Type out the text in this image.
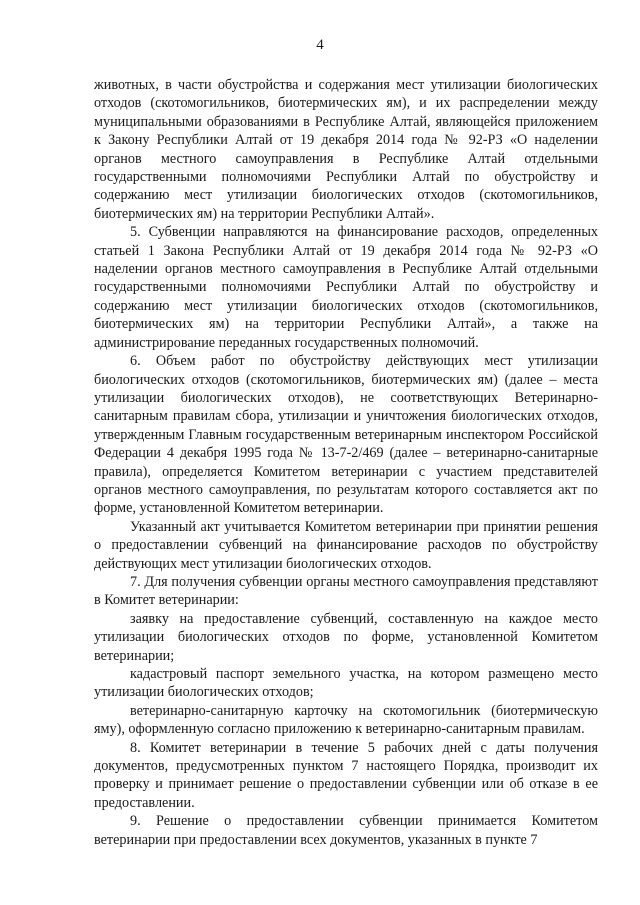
4

животных, в части обустройства и содержания мест утилизации биологических отходов (скотомогильников, биотермических ям), и их распределении между муниципальными образованиями в Республике Алтай, являющейся приложением к Закону Республики Алтай от 19 декабря 2014 года № 92-РЗ «О наделении органов местного самоуправления в Республике Алтай отдельными государственными полномочиями Республики Алтай по обустройству и содержанию мест утилизации биологических отходов (скотомогильников, биотермических ям) на территории Республики Алтай».

5. Субвенции направляются на финансирование расходов, определенных статьей 1 Закона Республики Алтай от 19 декабря 2014 года № 92-РЗ «О наделении органов местного самоуправления в Республике Алтай отдельными государственными полномочиями Республики Алтай по обустройству и содержанию мест утилизации биологических отходов (скотомогильников, биотермических ям) на территории Республики Алтай», а также на администрирование переданных государственных полномочий.

6. Объем работ по обустройству действующих мест утилизации биологических отходов (скотомогильников, биотермических ям) (далее – места утилизации биологических отходов), не соответствующих Ветеринарно-санитарным правилам сбора, утилизации и уничтожения биологических отходов, утвержденным Главным государственным ветеринарным инспектором Российской Федерации 4 декабря 1995 года № 13-7-2/469 (далее – ветеринарно-санитарные правила), определяется Комитетом ветеринарии с участием представителей органов местного самоуправления, по результатам которого составляется акт по форме, установленной Комитетом ветеринарии.

Указанный акт учитывается Комитетом ветеринарии при принятии решения о предоставлении субвенций на финансирование расходов по обустройству действующих мест утилизации биологических отходов.

7. Для получения субвенции органы местного самоуправления представляют в Комитет ветеринарии:

заявку на предоставление субвенций, составленную на каждое место утилизации биологических отходов по форме, установленной Комитетом ветеринарии;

кадастровый паспорт земельного участка, на котором размещено место утилизации биологических отходов;

ветеринарно-санитарную карточку на скотомогильник (биотермическую яму), оформленную согласно приложению к ветеринарно-санитарным правилам.

8. Комитет ветеринарии в течение 5 рабочих дней с даты получения документов, предусмотренных пунктом 7 настоящего Порядка, производит их проверку и принимает решение о предоставлении субвенции или об отказе в ее предоставлении.

9. Решение о предоставлении субвенции принимается Комитетом ветеринарии при предоставлении всех документов, указанных в пункте 7
